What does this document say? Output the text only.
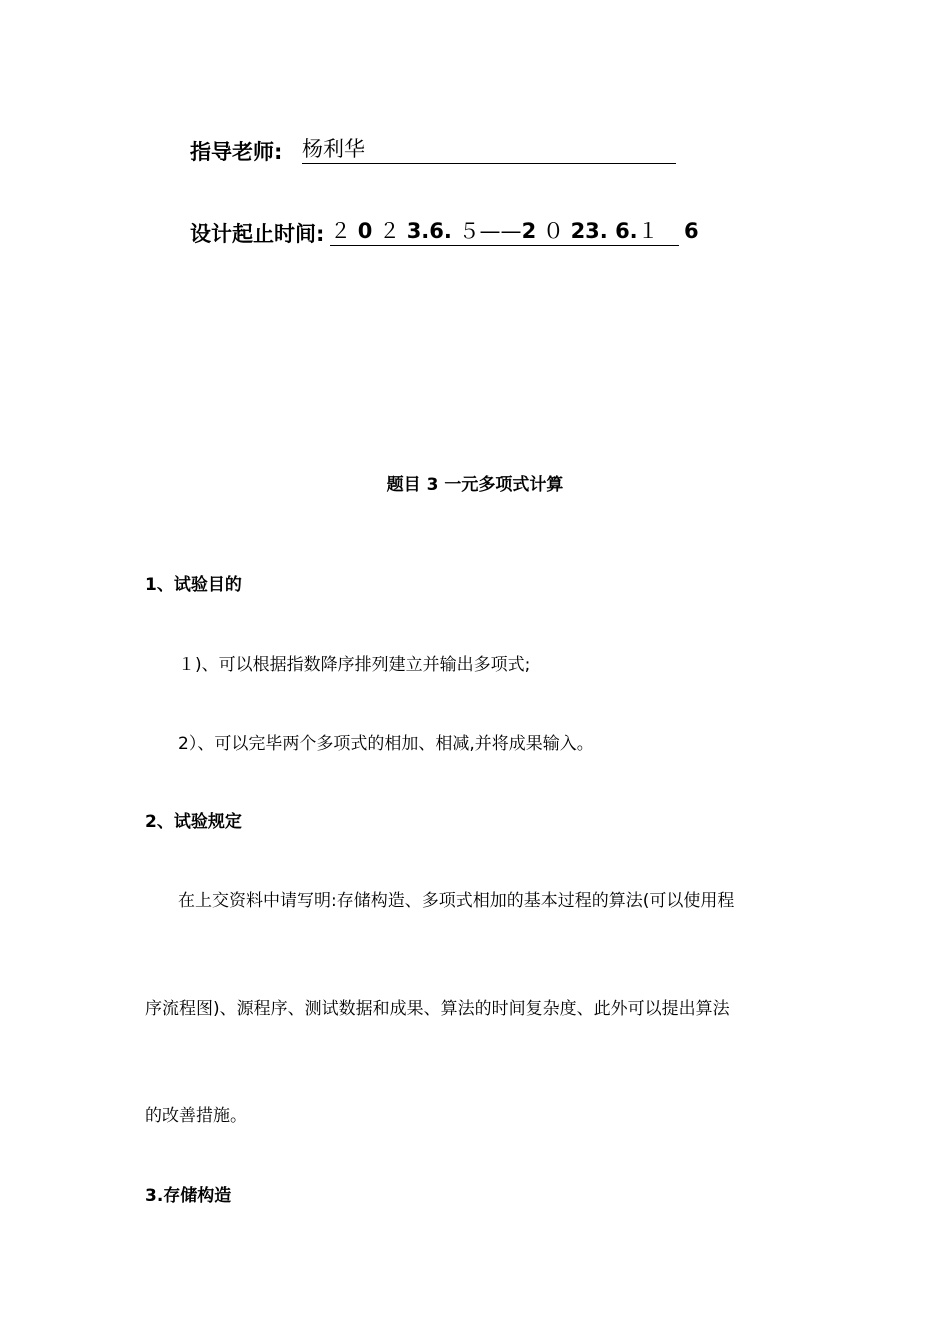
指导老师: 杨利华
设计起止时间: ２ 0 ２ 3.6. ５——2 ０ 23. 6.１	6
题目 3 一元多项式计算
1、试验目的
１)、可以根据指数降序排列建立并输出多项式;
2）、可以完毕两个多项式的相加、相减,并将成果输入。
2、试验规定
在上交资料中请写明:存储构造、多项式相加的基本过程的算法(可以使用程
序流程图)、源程序、测试数据和成果、算法的时间复杂度、此外可以提出算法
的改善措施。
3.存储构造
